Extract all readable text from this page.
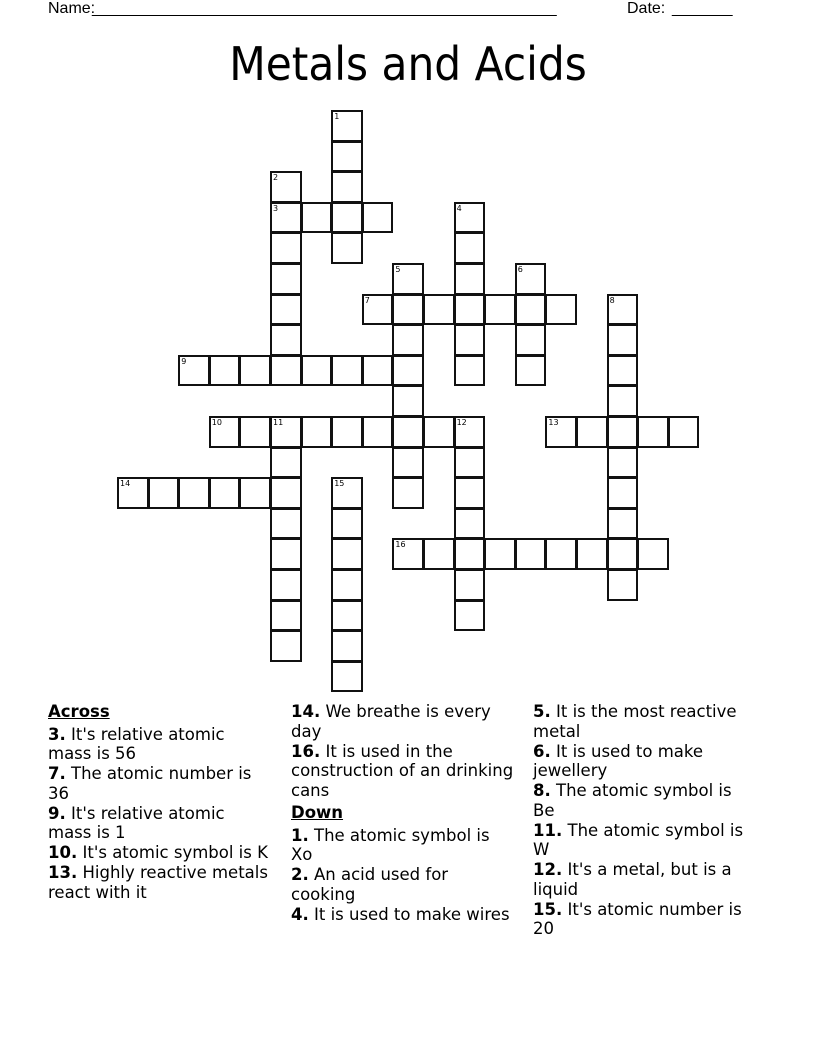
Name:
______________________________________________________	Date: _______
Metals and Acids
1
2
3	4
5	6
7	8
9
10	11	12	13
14	15
16
Across
3. It's relative atomic mass is 56
7. The atomic number is 36
9. It's relative atomic mass is 1
10. It's atomic symbol is K
13. Highly reactive metals react with it
14. We breathe is every day
16. It is used in the construction of an drinking cans
Down
1. The atomic symbol is Xo
2. An acid used for cooking
4. It is used to make wires
5. It is the most reactive metal
6. It is used to make jewellery
8. The atomic symbol is Be
11. The atomic symbol is W
12. It's a metal, but is a liquid
15. It's atomic number is 20
